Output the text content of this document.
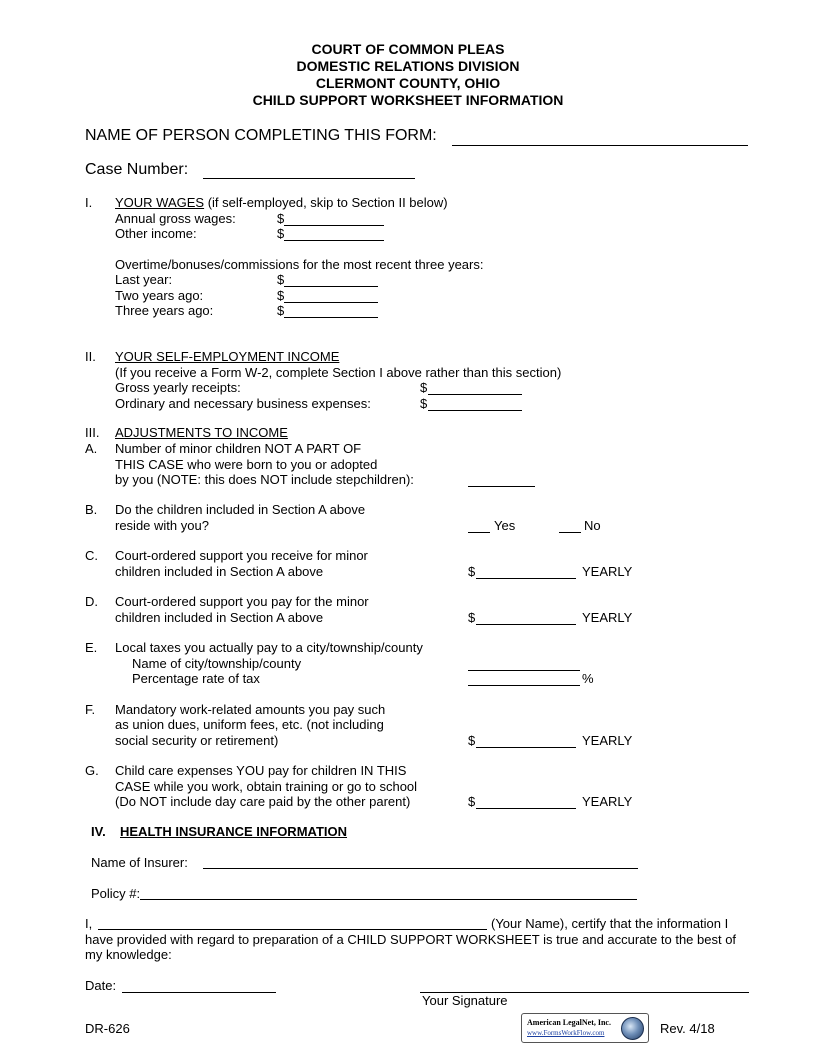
COURT OF COMMON PLEAS
DOMESTIC RELATIONS DIVISION
CLERMONT COUNTY, OHIO
CHILD SUPPORT WORKSHEET INFORMATION
NAME OF PERSON COMPLETING THIS FORM:
Case Number:
I. YOUR WAGES (if self-employed, skip to Section II below)
Annual gross wages:	$
Other income:	$
Overtime/bonuses/commissions for the most recent three years:
Last year:	$
Two years ago:	$
Three years ago:	$
II. YOUR SELF-EMPLOYMENT INCOME
(If you receive a Form W-2, complete Section I above rather than this section)
Gross yearly receipts:	$
Ordinary and necessary business expenses:	$
III. ADJUSTMENTS TO INCOME
A. Number of minor children NOT A PART OF
THIS CASE who were born to you or adopted
by you (NOTE: this does NOT include stepchildren):
B. Do the children included in Section A above
reside with you?	Yes	No
C. Court-ordered support you receive for minor
children included in Section A above	$	YEARLY
D. Court-ordered support you pay for the minor
children included in Section A above	$	YEARLY
E. Local taxes you actually pay to a city/township/county
Name of city/township/county
Percentage rate of tax	%
F. Mandatory work-related amounts you pay such
as union dues, uniform fees, etc. (not including
social security or retirement)	$	YEARLY
G. Child care expenses YOU pay for children IN THIS
CASE while you work, obtain training or go to school
(Do NOT include day care paid by the other parent)	$	YEARLY
IV. HEALTH INSURANCE INFORMATION
Name of Insurer:
Policy #:
I,	(Your Name), certify that the information I
have provided with regard to preparation of a CHILD SUPPORT WORKSHEET is true and accurate to the best of
my knowledge:
Date:
Your Signature
DR-626	American LegalNet, Inc.
www.FormsWorkFlow.com	Rev. 4/18
